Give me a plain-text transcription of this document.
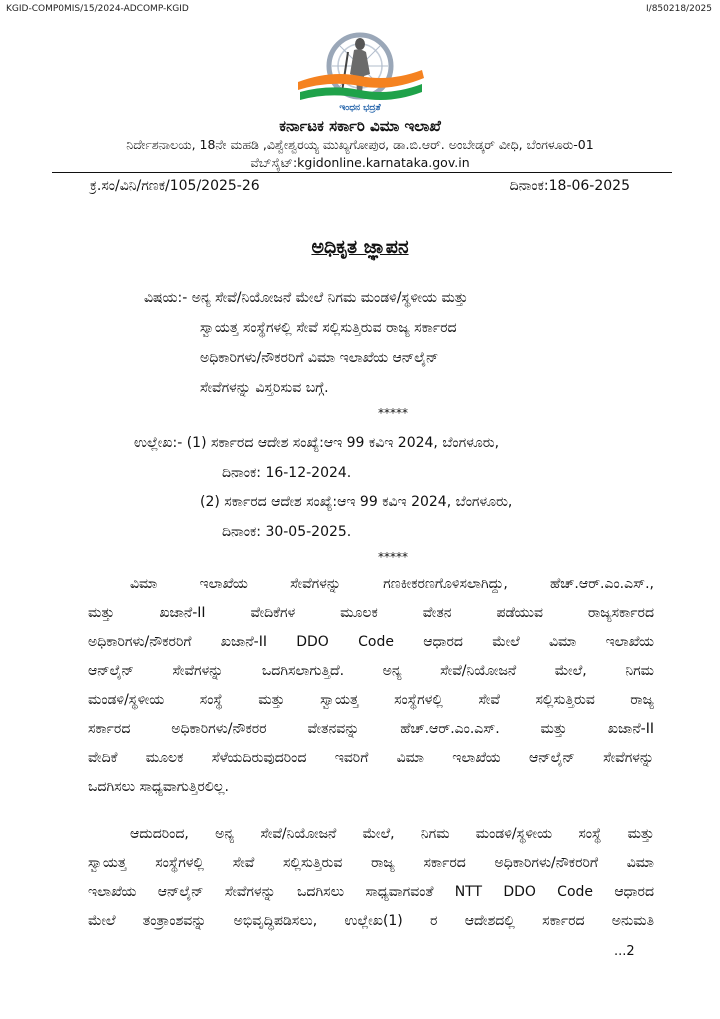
KGID-COMP0MIS/15/2024-ADCOMP-KGID	I/850218/2025
ಇಂಧನ ಭದ್ರತೆ
ಕರ್ನಾಟಕ ಸರ್ಕಾರಿ ವಿಮಾ ಇಲಾಖೆ
ನಿರ್ದೇಶನಾಲಯ, 18ನೇ ಮಹಡಿ ,ವಿಶ್ವೇಶ್ವರಯ್ಯ ಮುಖ್ಯಗೋಪುರ, ಡಾ.ಬಿ.ಆರ್. ಅಂಬೇಡ್ಕರ್ ವೀಧಿ, ಬೆಂಗಳೂರು-01
ವೆಬ್‌ಸೈಟ್:kgidonline.karnataka.gov.in
ಕ್ರ.ಸಂ/ವಿನಿ/ಗಣಕ/105/2025-26	ದಿನಾಂಕ:18-06-2025
ಅಧಿಕೃತ ಜ್ಞಾಪನ
ವಿಷಯ:- ಅನ್ಯ ಸೇವೆ/ನಿಯೋಜನೆ ಮೇಲೆ ನಿಗಮ ಮಂಡಳಿ/ಸ್ಥಳೀಯ ಮತ್ತು
ಸ್ವಾಯತ್ತ ಸಂಸ್ಥೆಗಳಲ್ಲಿ ಸೇವೆ ಸಲ್ಲಿಸುತ್ತಿರುವ ರಾಜ್ಯ ಸರ್ಕಾರದ
ಅಧಿಕಾರಿಗಳು/ನೌಕರರಿಗೆ ವಿಮಾ ಇಲಾಖೆಯ ಆನ್‌ಲೈನ್
ಸೇವೆಗಳನ್ನು ವಿಸ್ತರಿಸುವ ಬಗ್ಗೆ.
*****
ಉಲ್ಲೇಖ:- (1) ಸರ್ಕಾರದ ಆದೇಶ ಸಂಖ್ಯೆ:ಆಇ 99 ಕವಿಇ 2024, ಬೆಂಗಳೂರು,
ದಿನಾಂಕ: 16-12-2024.
(2) ಸರ್ಕಾರದ ಆದೇಶ ಸಂಖ್ಯೆ:ಆಇ 99 ಕವಿಇ 2024, ಬೆಂಗಳೂರು,
ದಿನಾಂಕ: 30-05-2025.
*****
ವಿಮಾ ಇಲಾಖೆಯ ಸೇವೆಗಳನ್ನು ಗಣಕೀಕರಣಗೊಳಿಸಲಾಗಿದ್ದು, ಹೆಚ್.ಆರ್.ಎಂ.ಎಸ್.,
ಮತ್ತು ಖಜಾನೆ-II ವೇದಿಕೆಗಳ ಮೂಲಕ ವೇತನ ಪಡೆಯುವ ರಾಜ್ಯಸರ್ಕಾರದ
ಅಧಿಕಾರಿಗಳು/ನೌಕರರಿಗೆ ಖಜಾನೆ-II DDO Code ಆಧಾರದ ಮೇಲೆ ವಿಮಾ ಇಲಾಖೆಯ
ಆನ್‌ಲೈನ್ ಸೇವೆಗಳನ್ನು ಒದಗಿಸಲಾಗುತ್ತಿದೆ. ಅನ್ಯ ಸೇವೆ/ನಿಯೋಜನೆ ಮೇಲೆ, ನಿಗಮ
ಮಂಡಳಿ/ಸ್ಥಳೀಯ ಸಂಸ್ಥೆ ಮತ್ತು ಸ್ವಾಯತ್ತ ಸಂಸ್ಥೆಗಳಲ್ಲಿ ಸೇವೆ ಸಲ್ಲಿಸುತ್ತಿರುವ ರಾಜ್ಯ
ಸರ್ಕಾರದ ಅಧಿಕಾರಿಗಳು/ನೌಕರರ ವೇತನವನ್ನು ಹೆಚ್.ಆರ್.ಎಂ.ಎಸ್. ಮತ್ತು ಖಜಾನೆ-II
ವೇದಿಕೆ ಮೂಲಕ ಸೆಳೆಯದಿರುವುದರಿಂದ ಇವರಿಗೆ ವಿಮಾ ಇಲಾಖೆಯ ಆನ್‌ಲೈನ್ ಸೇವೆಗಳನ್ನು
ಒದಗಿಸಲು ಸಾಧ್ಯವಾಗುತ್ತಿರಲಿಲ್ಲ.
ಆದುದರಿಂದ, ಅನ್ಯ ಸೇವೆ/ನಿಯೋಜನೆ ಮೇಲೆ, ನಿಗಮ ಮಂಡಳಿ/ಸ್ಥಳೀಯ ಸಂಸ್ಥೆ ಮತ್ತು
ಸ್ವಾಯತ್ತ ಸಂಸ್ಥೆಗಳಲ್ಲಿ ಸೇವೆ ಸಲ್ಲಿಸುತ್ತಿರುವ ರಾಜ್ಯ ಸರ್ಕಾರದ ಅಧಿಕಾರಿಗಳು/ನೌಕರರಿಗೆ ವಿಮಾ
ಇಲಾಖೆಯ ಆನ್‌ಲೈನ್ ಸೇವೆಗಳನ್ನು ಒದಗಿಸಲು ಸಾಧ್ಯವಾಗವಂತೆ NTT DDO Code ಆಧಾರದ
ಮೇಲೆ ತಂತ್ರಾಂಶವನ್ನು ಅಭಿವೃದ್ಧಿಪಡಿಸಲು, ಉಲ್ಲೇಖ(1) ರ ಆದೇಶದಲ್ಲಿ ಸರ್ಕಾರದ ಅನುಮತಿ
...2
